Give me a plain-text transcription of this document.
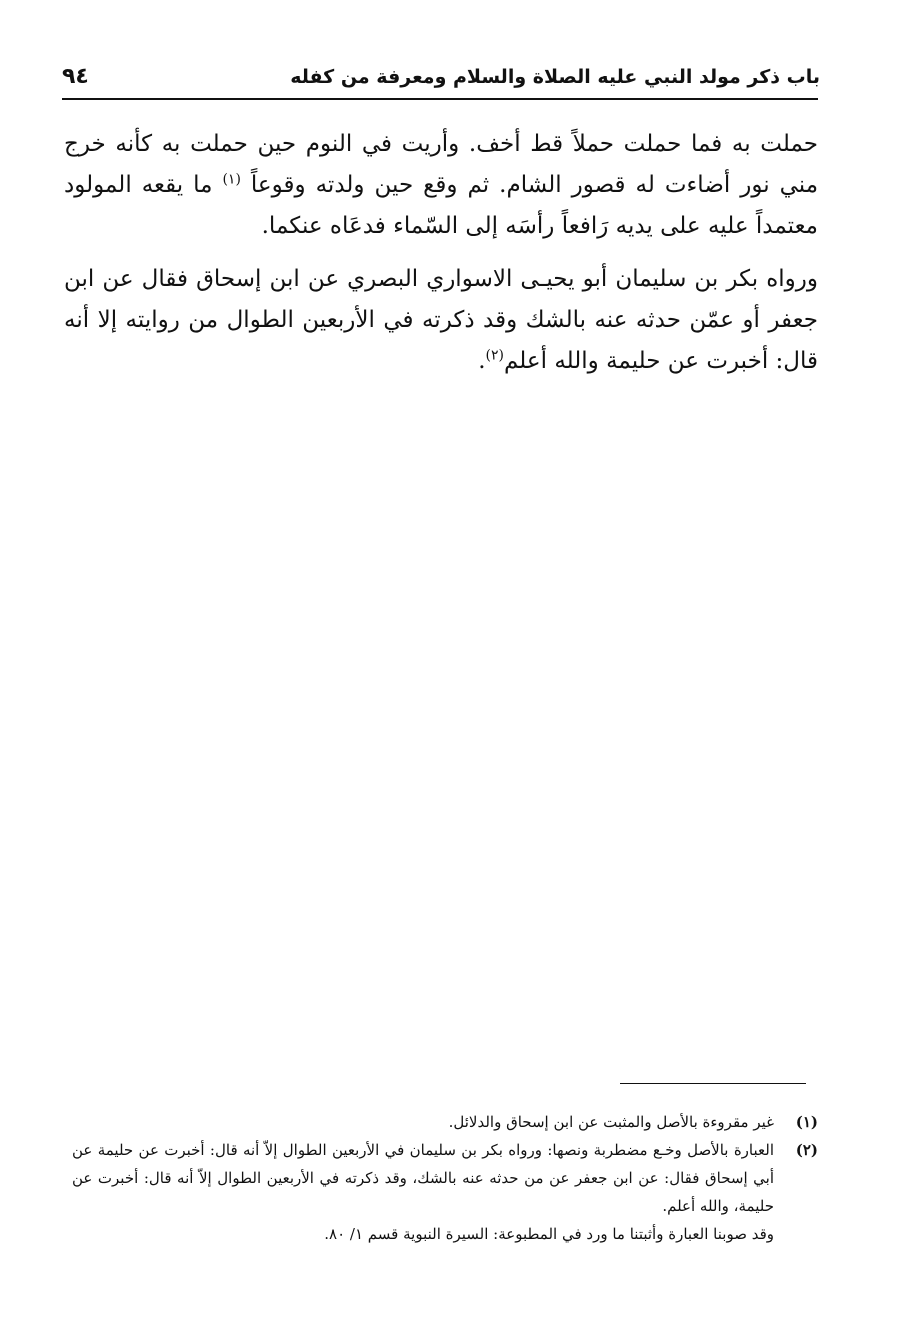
باب ذكر مولد النبي عليه الصلاة والسلام ومعرفة من كفله
٩٤

حملت به فما حملت حملاً قط أخف. وأريت في النوم حين حملت به كأنه خرج مني نور أضاءت له قصور الشام. ثم وقع حين ولدته وقوعاً $^{(١)}$ ما يقعه المولود معتمداً عليه على يديه رَافعاً رأسَه إلى السّماء فدعَاه عنكما.

ورواه بكر بن سليمان أبو يحيـى الاسواري البصري عن ابن إسحاق فقال عن ابن جعفر أو عمّن حدثه عنه بالشك وقد ذكرته في الأربعين الطوال من روايته إلا أنه قال: أخبرت عن حليمة والله أعلم$^{(٢)}$.

(١)
غير مقروءة بالأصل والمثبت عن ابن إسحاق والدلائل.
(٢)
العبارة بالأصل وخـع مضطربة ونصها: ورواه بكر بن سليمان في الأربعين الطوال إلاّ أنه قال: أخبرت عن حليمة عن أبي إسحاق فقال: عن ابن جعفر عن من حدثه عنه بالشك، وقد ذكرته في الأربعين الطوال إلاّ أنه قال: أخبرت عن حليمة، والله أعلم.
وقد صوبنا العبارة وأثبتنا ما ورد في المطبوعة: السيرة النبوية قسم ١/ ٨٠.
